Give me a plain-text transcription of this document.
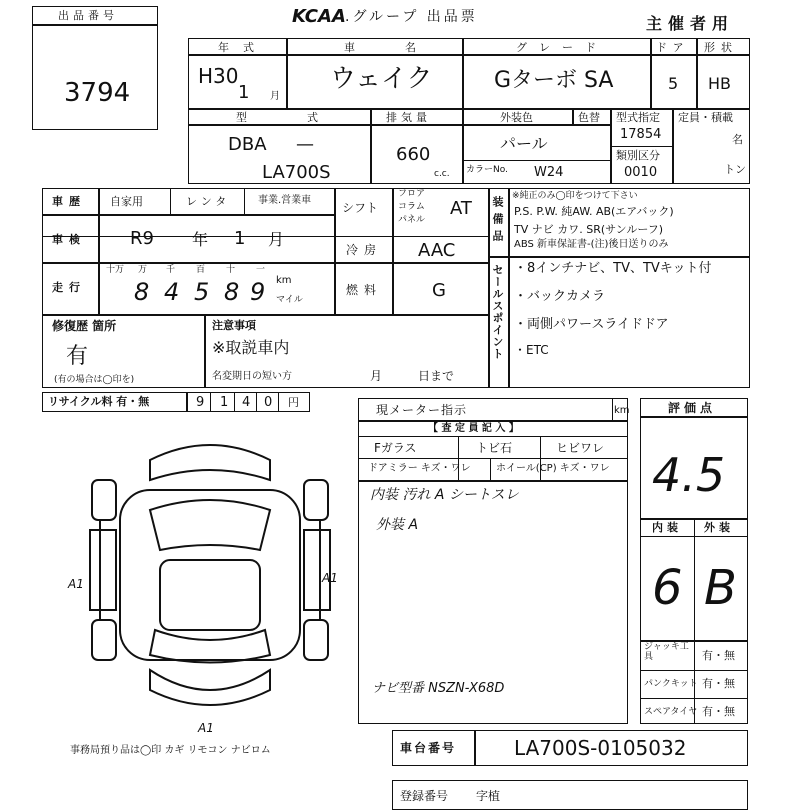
出品番号
3794
KCAA .グループ 出品票	主催者用
年式
H30
1 月
車名
ウェイク
グレード
Gターボ SA
ドア
5
形状
HB
型式
DBA —
LA700S
排気量
660
c.c.
外装色	色替
パール
カラーNo. W24
型式指定
17854
類別区分
0010
定員・積載
名
トン
車歴 自家用	レンタ	事業.営業車
車検 R9 年 1 月
走行
十万 万 千 百 十 一
8 4 5 8 9 km
マイル
シフト
フロア
コラム
パネル
AT
冷房 AAC
燃料	G
装備品 ※純正のみ◯印をつけて下さい
P.S. P.W. 純AW. AB(エアバック)
TV ナビ カワ. SR(サンルーフ)
ABS 新車保証書-(注)後日送りのみ
セールスポイント ・8インチナビ、TV、TVキット付
・バックカメラ
・両側パワースライドドア
・ETC
修復歴 箇所
有
(有の場合は◯印を)
注意事項
※取説車内
名変期日の短い方	月	日まで
リサイクル料 有・無	9 1 4 0 円
現メーター指示	km
【 査 定 員 記 入 】
Fガラス	トビ石	ヒビワレ
ドアミラー キズ・ワレ	ホイール(CP) キズ・ワレ
内装 汚れ A シートスレ
外装 A
ナビ型番 NSZN-X68D
評価点
4.5
内装 外装
6 B
ジャッキ工具	有・無
パンクキット 有・無
スペアタイヤ 有・無
A1	A1
A1
事務局預り品は◯印 カギ リモコン ナビロム	車台番号	LA700S-0105032
登録番号 字植
